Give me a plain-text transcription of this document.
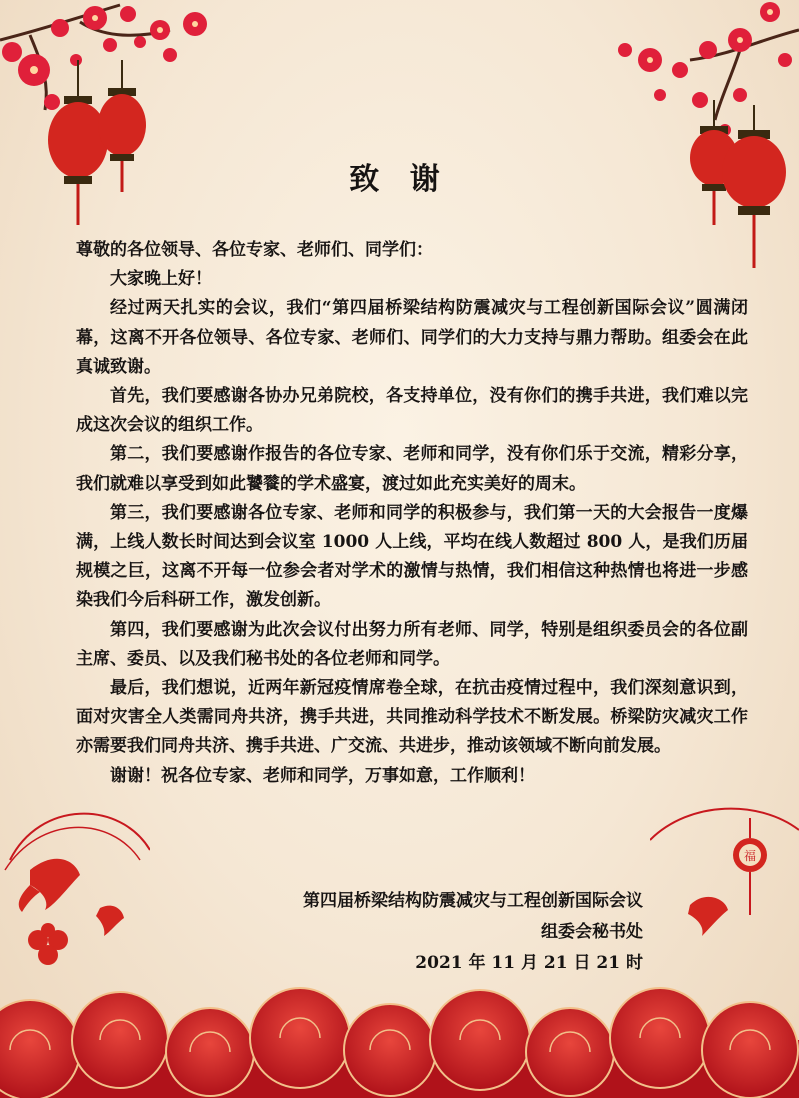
福
致 谢

尊敬的各位领导、各位专家、老师们、同学们：

大家晚上好！

经过两天扎实的会议，我们“第四届桥梁结构防震减灾与工程创新国际会议”圆满闭幕，这离不开各位领导、各位专家、老师们、同学们的大力支持与鼎力帮助。组委会在此真诚致谢。

首先，我们要感谢各协办兄弟院校，各支持单位，没有你们的携手共进，我们难以完成这次会议的组织工作。

第二，我们要感谢作报告的各位专家、老师和同学，没有你们乐于交流，精彩分享，我们就难以享受到如此饕餮的学术盛宴，渡过如此充实美好的周末。

第三，我们要感谢各位专家、老师和同学的积极参与，我们第一天的大会报告一度爆满，上线人数长时间达到会议室 1000 人上线，平均在线人数超过 800 人，是我们历届规模之巨，这离不开每一位参会者对学术的激情与热情，我们相信这种热情也将进一步感染我们今后科研工作，激发创新。

第四，我们要感谢为此次会议付出努力所有老师、同学，特别是组织委员会的各位副主席、委员、以及我们秘书处的各位老师和同学。

最后，我们想说，近两年新冠疫情席卷全球，在抗击疫情过程中，我们深刻意识到，面对灾害全人类需同舟共济，携手共进，共同推动科学技术不断发展。桥梁防灾减灾工作亦需要我们同舟共济、携手共进、广交流、共进步，推动该领域不断向前发展。

谢谢！祝各位专家、老师和同学，万事如意，工作顺利！

第四届桥梁结构防震减灾与工程创新国际会议
组委会秘书处
2021 年 11 月 21 日 21 时
